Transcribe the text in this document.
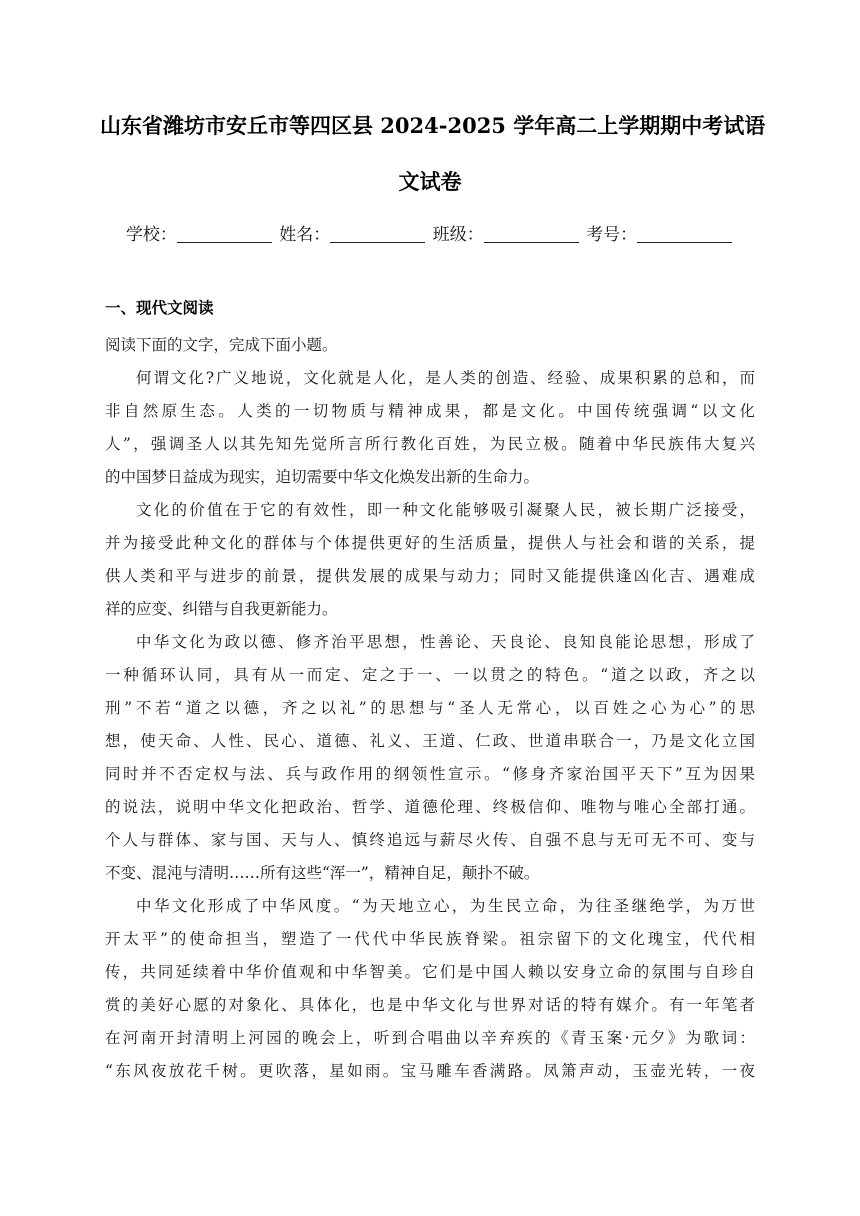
山东省潍坊市安丘市等四区县 2024-2025 学年高二上学期期中考试语
文试卷
学校：	姓名：	班级：	考号：
一、现代文阅读
阅读下面的文字，完成下面小题。
何谓文化?广义地说，文化就是人化，是人类的创造、经验、成果积累的总和，而
非自然原生态。人类的一切物质与精神成果，都是文化。中国传统强调“以文化
人”，强调圣人以其先知先觉所言所行教化百姓，为民立极。随着中华民族伟大复兴
的中国梦日益成为现实，迫切需要中华文化焕发出新的生命力。
文化的价值在于它的有效性，即一种文化能够吸引凝聚人民，被长期广泛接受，
并为接受此种文化的群体与个体提供更好的生活质量，提供人与社会和谐的关系，提
供人类和平与进步的前景，提供发展的成果与动力；同时又能提供逢凶化吉、遇难成
祥的应变、纠错与自我更新能力。
中华文化为政以德、修齐治平思想，性善论、天良论、良知良能论思想，形成了
一种循环认同，具有从一而定、定之于一、一以贯之的特色。“道之以政，齐之以
刑”不若“道之以德，齐之以礼”的思想与“圣人无常心，以百姓之心为心”的思
想，使天命、人性、民心、道德、礼义、王道、仁政、世道串联合一，乃是文化立国
同时并不否定权与法、兵与政作用的纲领性宣示。“修身齐家治国平天下”互为因果
的说法，说明中华文化把政治、哲学、道德伦理、终极信仰、唯物与唯心全部打通。
个人与群体、家与国、天与人、慎终追远与薪尽火传、自强不息与无可无不可、变与
不变、混沌与清明……所有这些“浑一”，精神自足，颠扑不破。
中华文化形成了中华风度。“为天地立心，为生民立命，为往圣继绝学，为万世
开太平”的使命担当，塑造了一代代中华民族脊梁。祖宗留下的文化瑰宝，代代相
传，共同延续着中华价值观和中华智美。它们是中国人赖以安身立命的氛围与自珍自
赏的美好心愿的对象化、具体化，也是中华文化与世界对话的特有媒介。有一年笔者
在河南开封清明上河园的晚会上，听到合唱曲以辛弃疾的《青玉案·元夕》为歌词：
“东风夜放花千树。更吹落，星如雨。宝马雕车香满路。凤箫声动，玉壶光转，一夜
